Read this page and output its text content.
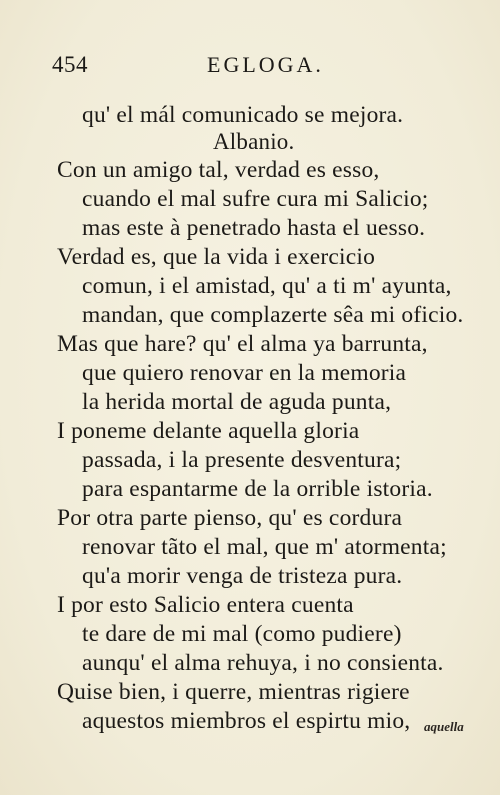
454	EGLOGA.
qu' el mál comunicado se mejora.
Albanio.
Con un amigo tal, verdad es esso,
cuando el mal sufre cura mi Salicio;
mas este à penetrado hasta el uesso.
Verdad es, que la vida i exercicio
comun, i el amistad, qu' a ti m' ayunta,
mandan, que complazerte sêa mi oficio.
Mas que hare? qu' el alma ya barrunta,
que quiero renovar en la memoria
la herida mortal de aguda punta,
I poneme delante aquella gloria
passada, i la presente desventura;
para espantarme de la orrible istoria.
Por otra parte pienso, qu' es cordura
renovar tãto el mal, que m' atormenta;
qu'a morir venga de tristeza pura.
I por esto Salicio entera cuenta
te dare de mi mal (como pudiere)
aunqu' el alma rehuya, i no consienta.
Quise bien, i querre, mientras rigiere
aquestos miembros el espirtu mio, aquella
